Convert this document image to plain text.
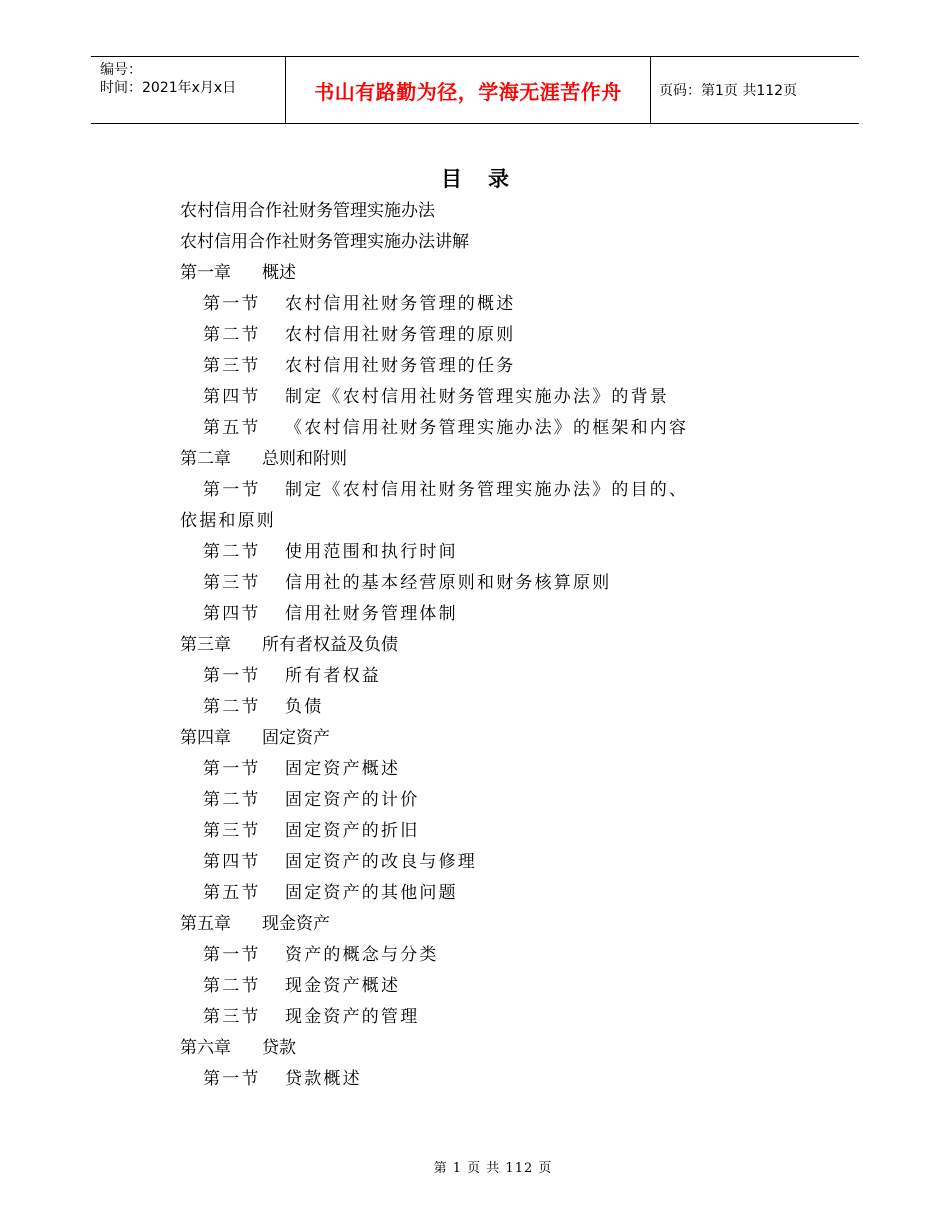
编号：
时间：2021年x月x日	书山有路勤为径，学海无涯苦作舟	页码：第1页 共112页
目录
农村信用合作社财务管理实施办法
农村信用合作社财务管理实施办法讲解
第一章 概述
第一节 农村信用社财务管理的概述
第二节 农村信用社财务管理的原则
第三节 农村信用社财务管理的任务
第四节 制定《农村信用社财务管理实施办法》的背景
第五节 《农村信用社财务管理实施办法》的框架和内容
第二章 总则和附则
第一节 制定《农村信用社财务管理实施办法》的目的、
依据和原则
第二节 使用范围和执行时间
第三节 信用社的基本经营原则和财务核算原则
第四节 信用社财务管理体制
第三章 所有者权益及负债
第一节 所有者权益
第二节 负债
第四章 固定资产
第一节 固定资产概述
第二节 固定资产的计价
第三节 固定资产的折旧
第四节 固定资产的改良与修理
第五节 固定资产的其他问题
第五章 现金资产
第一节 资产的概念与分类
第二节 现金资产概述
第三节 现金资产的管理
第六章 贷款
第一节 贷款概述
第 1 页 共 112 页
